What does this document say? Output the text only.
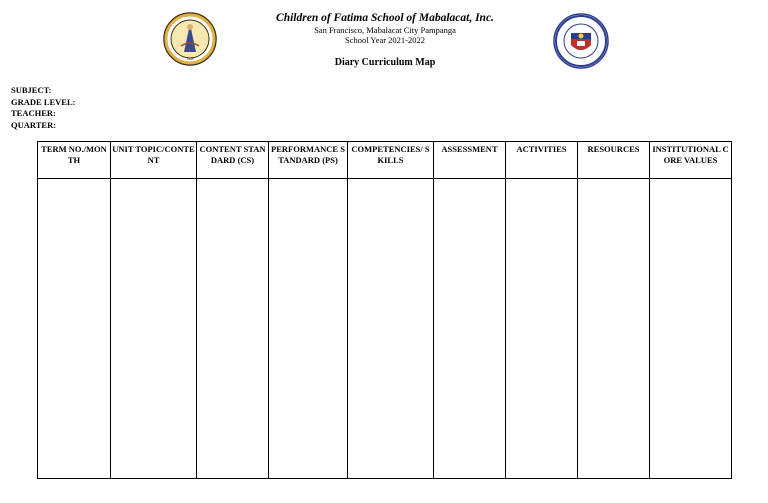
1998
Children of Fatima School of Mabalacat, Inc.
San Francisco, Mabalacat City Pampanga
School Year 2021-2022
Diary Curriculum Map
SUBJECT:
GRADE LEVEL:
TEACHER:
QUARTER:
TERM NO./MONTH	UNIT TOPIC/CONTENT	CONTENT STANDARD (CS)	PERFORMANCE STANDARD (PS)	COMPETENCIES/ SKILLS	ASSESSMENT	ACTIVITIES	RESOURCES	INSTITUTIONAL CORE VALUES
